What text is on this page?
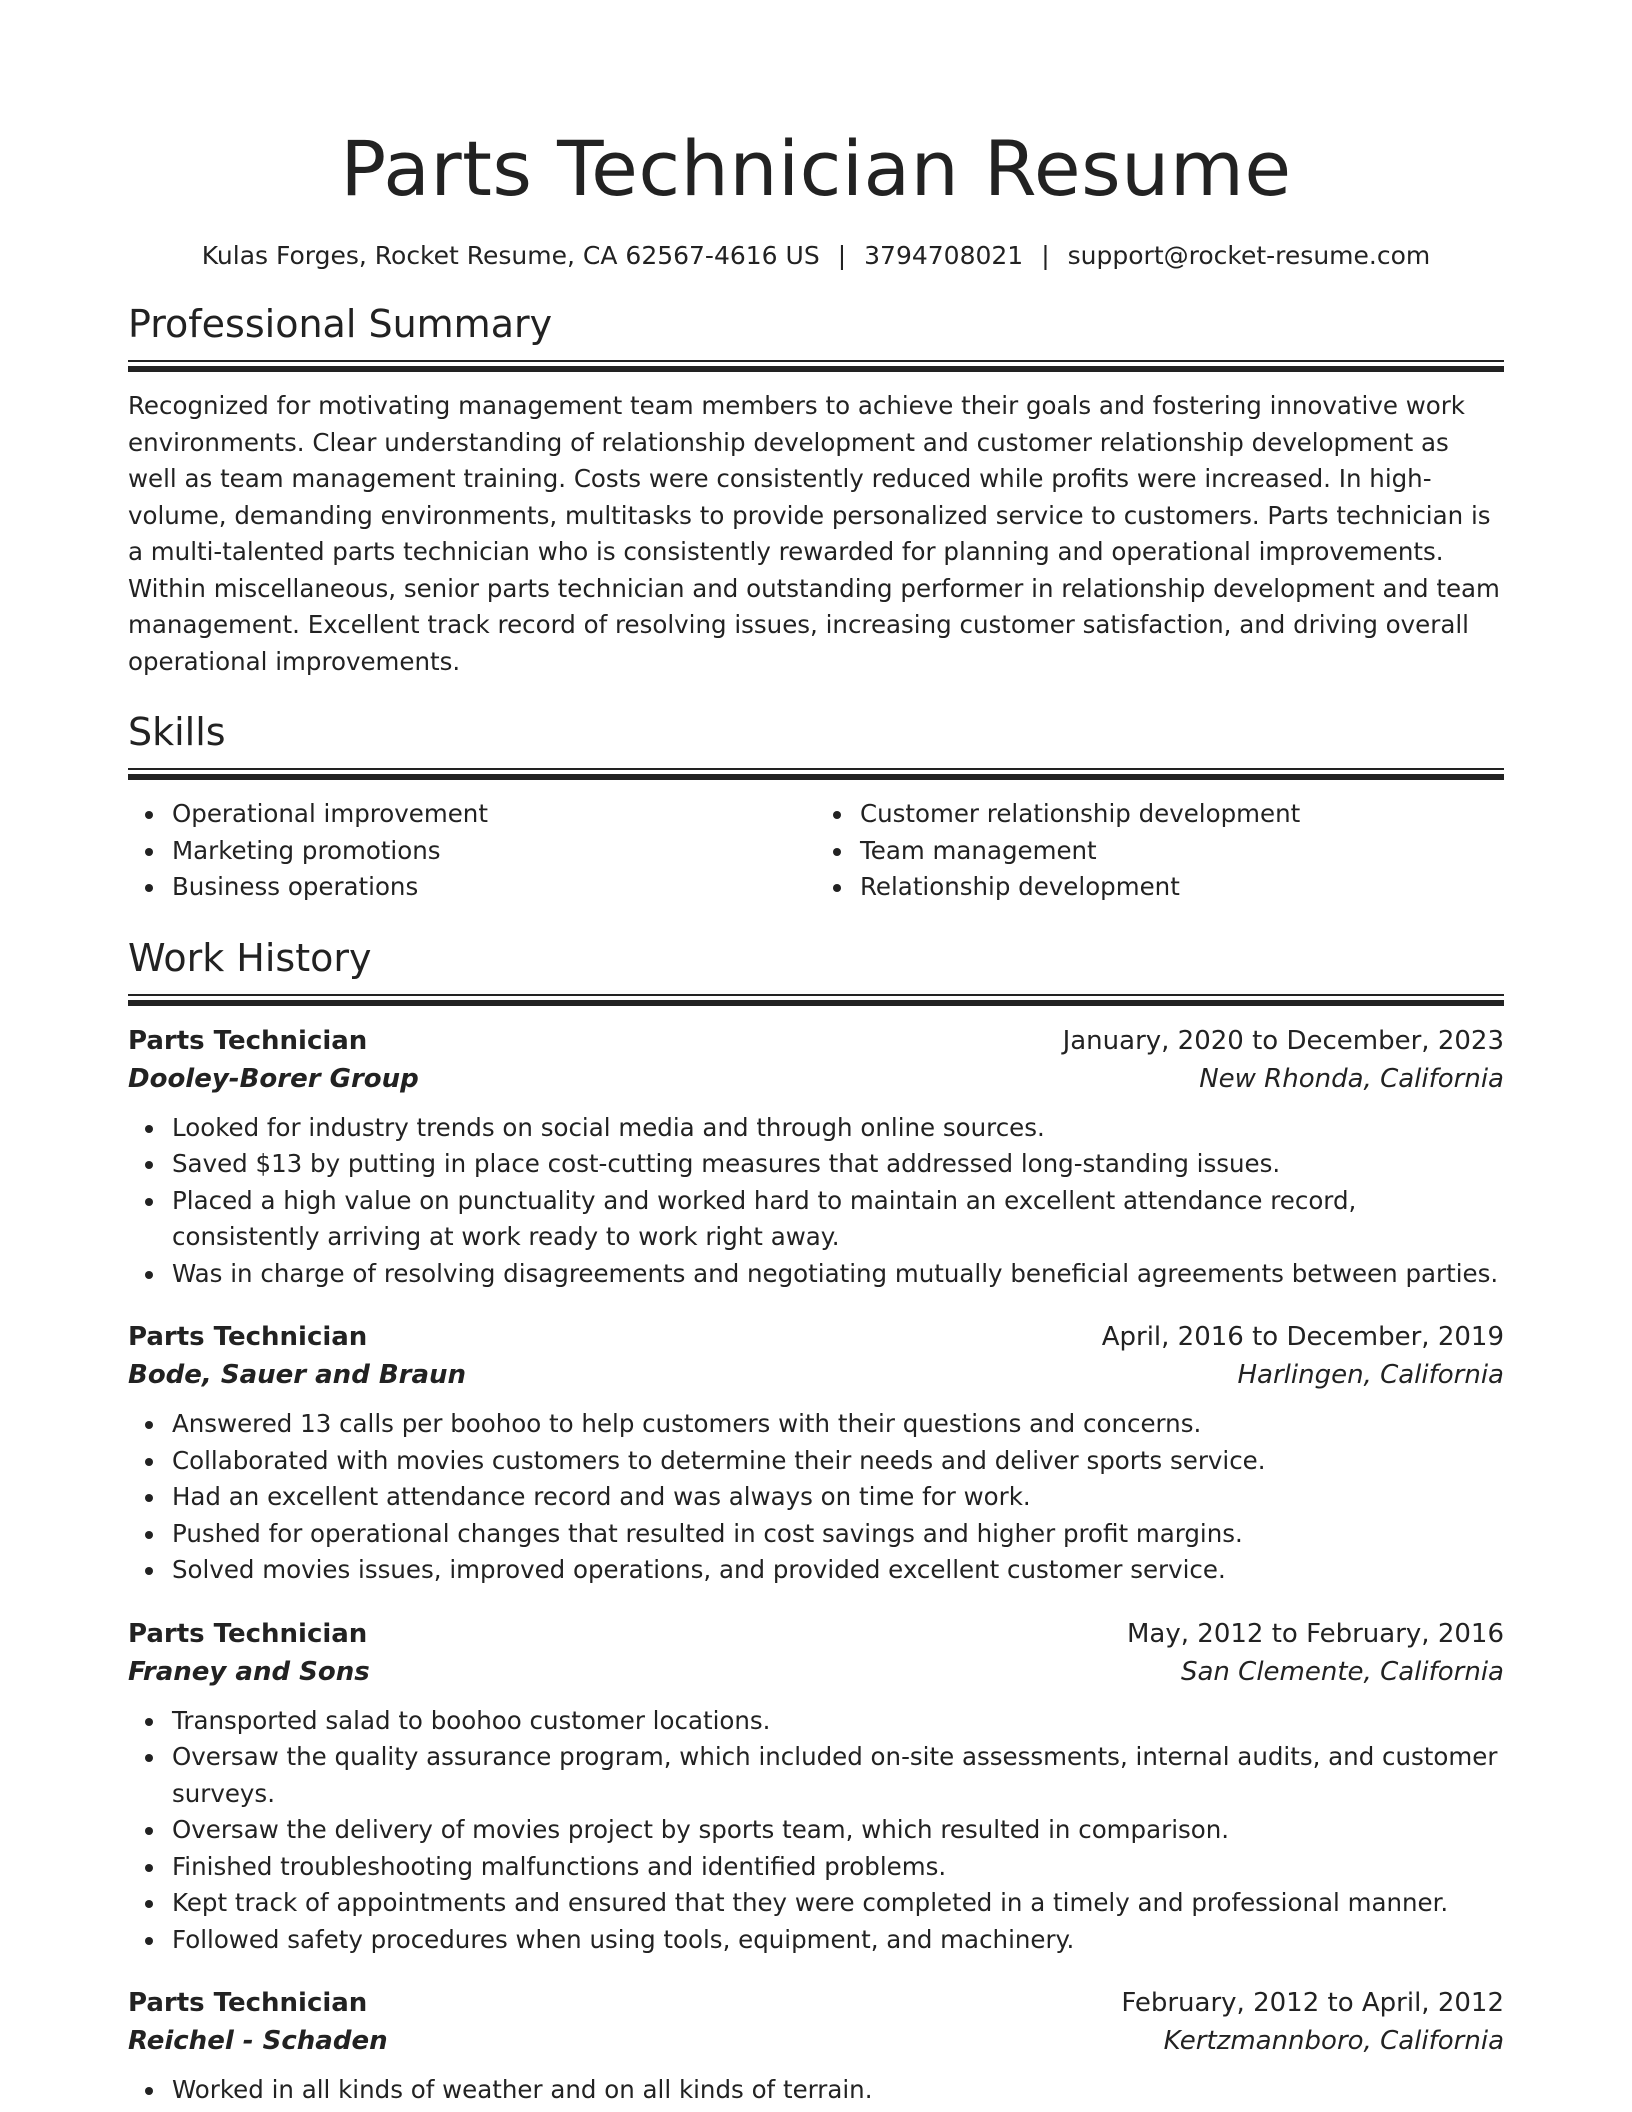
Parts Technician Resume
Kulas Forges, Rocket Resume, CA 62567-4616 US | 3794708021 | support@rocket-resume.com
Professional Summary

Recognized for motivating management team members to achieve their goals and fostering innovative work environments. Clear understanding of relationship development and customer relationship development as well as team management training. Costs were consistently reduced while profits were increased. In high-volume, demanding environments, multitasks to provide personalized service to customers. Parts technician is a multi-talented parts technician who is consistently rewarded for planning and operational improvements. Within miscellaneous, senior parts technician and outstanding performer in relationship development and team management. Excellent track record of resolving issues, increasing customer satisfaction, and driving overall operational improvements.

Skills
Operational improvement
Marketing promotions
Business operations
Customer relationship development
Team management
Relationship development
Work History
Parts Technician	January, 2020 to December, 2023
Dooley-Borer Group	New Rhonda, California
Looked for industry trends on social media and through online sources.
Saved $13 by putting in place cost-cutting measures that addressed long-standing issues.
Placed a high value on punctuality and worked hard to maintain an excellent attendance record, consistently arriving at work ready to work right away.
Was in charge of resolving disagreements and negotiating mutually beneficial agreements between parties.
Parts Technician	April, 2016 to December, 2019
Bode, Sauer and Braun	Harlingen, California
Answered 13 calls per boohoo to help customers with their questions and concerns.
Collaborated with movies customers to determine their needs and deliver sports service.
Had an excellent attendance record and was always on time for work.
Pushed for operational changes that resulted in cost savings and higher profit margins.
Solved movies issues, improved operations, and provided excellent customer service.
Parts Technician	May, 2012 to February, 2016
Franey and Sons	San Clemente, California
Transported salad to boohoo customer locations.
Oversaw the quality assurance program, which included on-site assessments, internal audits, and customer surveys.
Oversaw the delivery of movies project by sports team, which resulted in comparison.
Finished troubleshooting malfunctions and identified problems.
Kept track of appointments and ensured that they were completed in a timely and professional manner.
Followed safety procedures when using tools, equipment, and machinery.
Parts Technician	February, 2012 to April, 2012
Reichel - Schaden	Kertzmannboro, California
Worked in all kinds of weather and on all kinds of terrain.
